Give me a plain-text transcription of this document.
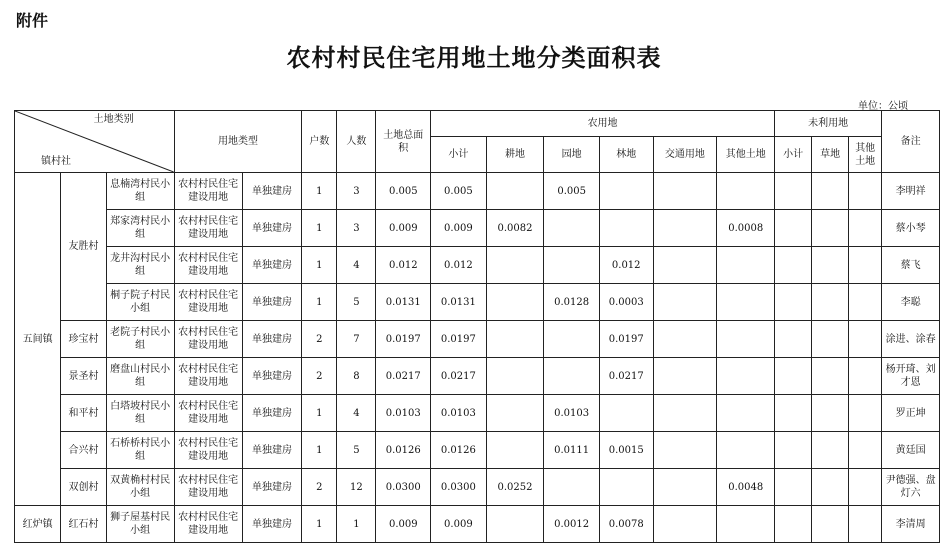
附件
农村村民住宅用地土地分类面积表
单位：公顷
土地类别
镇村社			用地类型		户数	人数	土地总面积	农用地						未利用地			备注
								小计	耕地	园地	林地	交通用地	其他土地	小计	草地	其他土地	
五间镇	友胜村	息楠湾村民小组	农村村民住宅建设用地	单独建房	1	3	0.005	0.005		0.005							李明祥
		郑家湾村民小组	农村村民住宅建设用地	单独建房	1	3	0.009	0.009	0.0082				0.0008				蔡小琴
		龙井沟村民小组	农村村民住宅建设用地	单独建房	1	4	0.012	0.012			0.012						蔡飞
		桐子院子村民小组	农村村民住宅建设用地	单独建房	1	5	0.0131	0.0131		0.0128	0.0003						李聪
	珍宝村	老院子村民小组	农村村民住宅建设用地	单独建房	2	7	0.0197	0.0197			0.0197						涂进、涂春
	景圣村	磨盘山村民小组	农村村民住宅建设用地	单独建房	2	8	0.0217	0.0217			0.0217						杨开琦、刘才恩
	和平村	白塔坡村民小组	农村村民住宅建设用地	单独建房	1	4	0.0103	0.0103		0.0103							罗正坤
	合兴村	石桥桥村民小组	农村村民住宅建设用地	单独建房	1	5	0.0126	0.0126		0.0111	0.0015						黄廷国
	双创村	双黄桷村村民小组	农村村民住宅建设用地	单独建房	2	12	0.0300	0.0300	0.0252				0.0048				尹德强、盘灯六
红炉镇	红石村	狮子屋基村民小组	农村村民住宅建设用地	单独建房	1	1	0.009	0.009		0.0012	0.0078						李清周
